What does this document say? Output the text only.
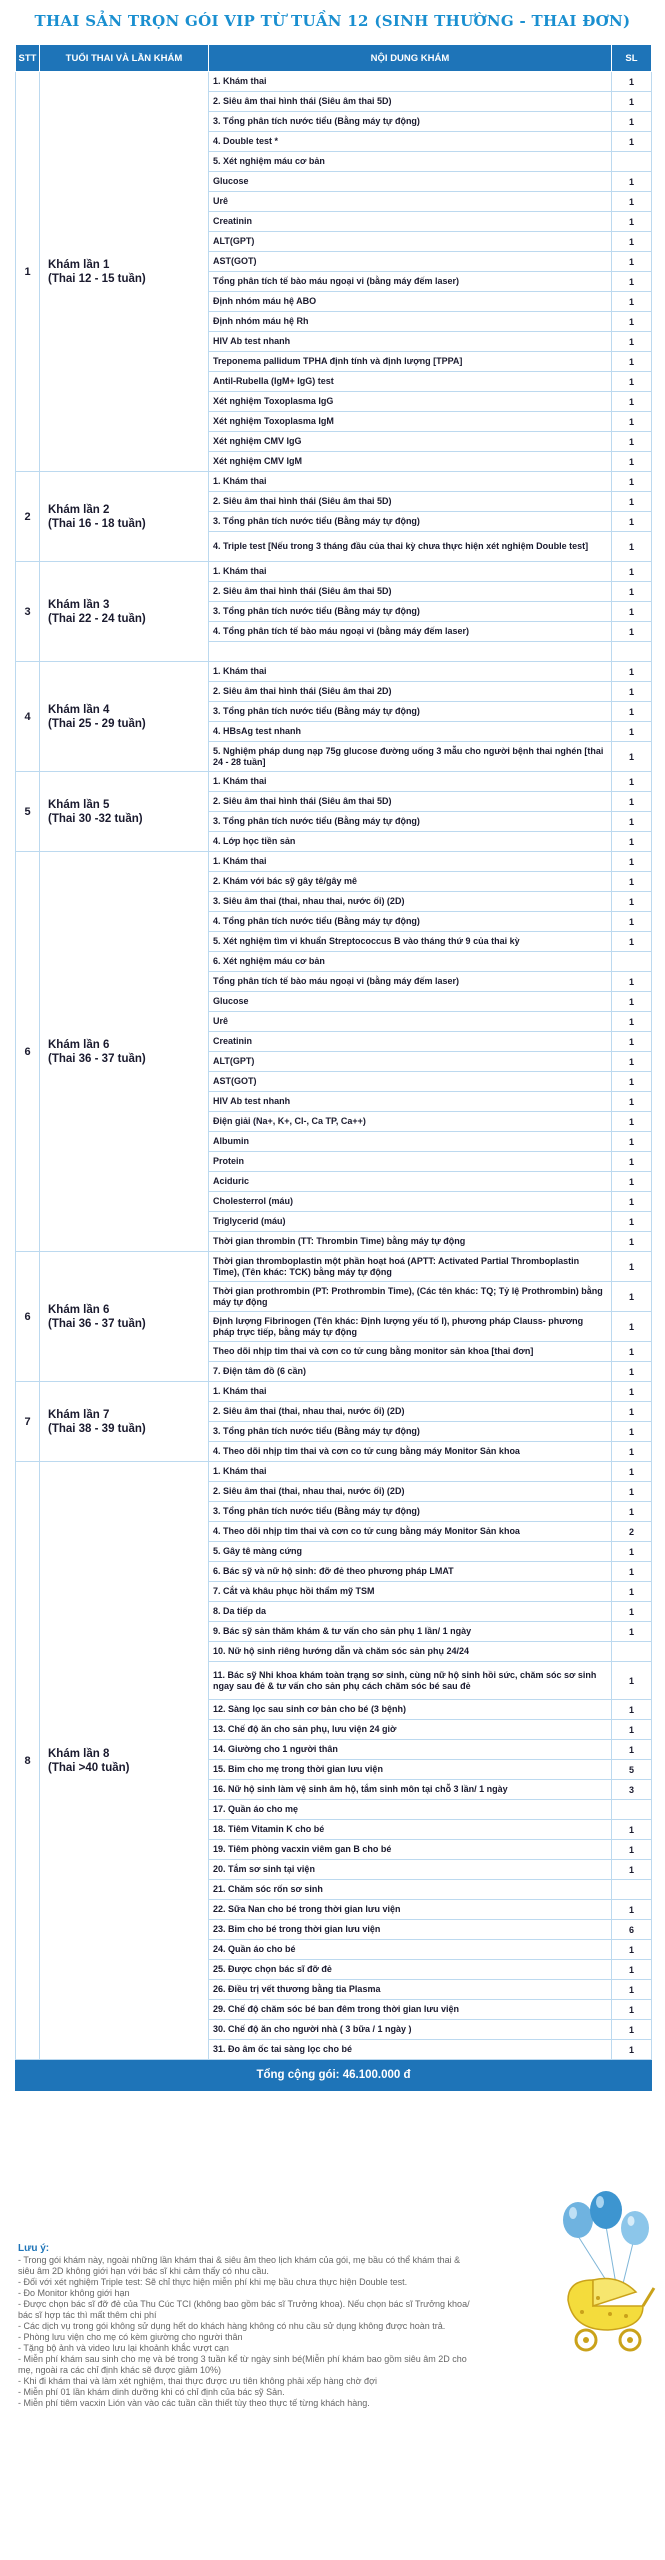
THAI SẢN TRỌN GÓI VIP TỪ TUẦN 12 (SINH THƯỜNG - THAI ĐƠN)
STT	TUỔI THAI VÀ LẦN KHÁM	NỘI DUNG KHÁM	SL
1	Khám lần 1
(Thai 12 - 15 tuần)	1. Khám thai	1
		2. Siêu âm thai hình thái (Siêu âm thai 5D)	1
		3. Tổng phân tích nước tiểu (Bằng máy tự động)	1
		4. Double test *	1
		5. Xét nghiệm máu cơ bản	
		Glucose	1
		Urê	1
		Creatinin	1
		ALT(GPT)	1
		AST(GOT)	1
		Tổng phân tích tế bào máu ngoại vi (bằng máy đếm laser)	1
		Định nhóm máu hệ ABO	1
		Định nhóm máu hệ Rh	1
		HIV Ab test nhanh	1
		Treponema pallidum TPHA định tính và định lượng [TPPA]	1
		Antil-Rubella (IgM+ IgG) test	1
		Xét nghiệm Toxoplasma IgG	1
		Xét nghiệm Toxoplasma IgM	1
		Xét nghiệm CMV IgG	1
		Xét nghiệm CMV IgM	1
2	Khám lần 2
(Thai 16 - 18 tuần)	1. Khám thai	1
		2. Siêu âm thai hình thái (Siêu âm thai 5D)	1
		3. Tổng phân tích nước tiểu (Bằng máy tự động)	1
		4. Triple test [Nếu trong 3 tháng đầu của thai kỳ chưa thực hiện xét nghiệm Double test]	1
3	Khám lần 3
(Thai 22 - 24 tuần)	1. Khám thai	1
		2. Siêu âm thai hình thái (Siêu âm thai 5D)	1
		3. Tổng phân tích nước tiểu (Bằng máy tự động)	1
		4. Tổng phân tích tế bào máu ngoại vi (bằng máy đếm laser)	1

4	Khám lần 4
(Thai 25 - 29 tuần)	1. Khám thai	1
		2. Siêu âm thai hình thái (Siêu âm thai 2D)	1
		3. Tổng phân tích nước tiểu (Bằng máy tự động)	1
		4. HBsAg test nhanh	1
		5. Nghiệm pháp dung nạp 75g glucose đường uống 3 mẫu cho người bệnh thai nghén [thai 24 - 28 tuần]	1
5	Khám lần 5
(Thai 30 -32 tuần)	1. Khám thai	1
		2. Siêu âm thai hình thái (Siêu âm thai 5D)	1
		3. Tổng phân tích nước tiểu (Bằng máy tự động)	1
		4. Lớp học tiền sản	1
6	Khám lần 6
(Thai 36 - 37 tuần)	1. Khám thai	1
		2. Khám với bác sỹ gây tê/gây mê	1
		3. Siêu âm thai (thai, nhau thai, nước ối) (2D)	1
		4. Tổng phân tích nước tiểu (Bằng máy tự động)	1
		5. Xét nghiệm tìm vi khuẩn Streptococcus B vào tháng thứ 9 của thai kỳ	1
		6. Xét nghiệm máu cơ bản	
		Tổng phân tích tế bào máu ngoại vi (bằng máy đếm laser)	1
		Glucose	1
		Urê	1
		Creatinin	1
		ALT(GPT)	1
		AST(GOT)	1
		HIV Ab test nhanh	1
		Điện giải (Na+, K+, Cl-, Ca TP, Ca++)	1
		Albumin	1
		Protein	1
		Aciduric	1
		Cholesterrol (máu)	1
		Triglycerid (máu)	1
		Thời gian thrombin (TT: Thrombin Time) bằng máy tự động	1
6	Khám lần 6
(Thai 36 - 37 tuần)	Thời gian thromboplastin một phần hoạt hoá (APTT: Activated Partial Thromboplastin Time), (Tên khác: TCK) bằng máy tự động	1
		Thời gian prothrombin (PT: Prothrombin Time), (Các tên khác: TQ; Tỷ lệ Prothrombin) bằng máy tự động	1
		Định lượng Fibrinogen (Tên khác: Định lượng yếu tố I), phương pháp Clauss- phương pháp trực tiếp, bằng máy tự động	1
		Theo dõi nhịp tim thai và cơn co tử cung bằng monitor sản khoa [thai đơn]	1
		7. Điện tâm đồ (6 cần)	1
7	Khám lần 7
(Thai 38 - 39 tuần)	1. Khám thai	1
		2. Siêu âm thai (thai, nhau thai, nước ối) (2D)	1
		3. Tổng phân tích nước tiểu (Bằng máy tự động)	1
		4. Theo dõi nhịp tim thai và cơn co tử cung bằng máy Monitor Sản khoa	1
8	Khám lần 8
(Thai >40 tuần)	1. Khám thai	1
		2. Siêu âm thai (thai, nhau thai, nước ối) (2D)	1
		3. Tổng phân tích nước tiểu (Bằng máy tự động)	1
		4. Theo dõi nhịp tim thai và cơn co tử cung bằng máy Monitor Sản khoa	2
		5. Gây tê màng cứng	1
		6. Bác sỹ và nữ hộ sinh: đỡ đẻ theo phương pháp LMAT	1
		7. Cắt và khâu phục hồi thẩm mỹ TSM	1
		8. Da tiếp da	1
		9. Bác sỹ sản thăm khám & tư vấn cho sản phụ 1 lần/ 1 ngày	1
		10. Nữ hộ sinh riêng hướng dẫn và chăm sóc sản phụ 24/24	
		11. Bác sỹ Nhi khoa khám toàn trạng sơ sinh, cùng nữ hộ sinh hồi sức, chăm sóc sơ sinh ngay sau đẻ & tư vấn cho sản phụ cách chăm sóc bé sau đẻ	1
		12. Sàng lọc sau sinh cơ bản cho bé (3 bệnh)	1
		13. Chế độ ăn cho sản phụ, lưu viện 24 giờ	1
		14. Giường cho 1 người thân	1
		15. Bỉm cho mẹ trong thời gian lưu viện	5
		16. Nữ hộ sinh làm vệ sinh âm hộ, tắm sinh môn tại chỗ 3 lần/ 1 ngày	3
		17. Quần áo cho mẹ	
		18. Tiêm Vitamin K cho bé	1
		19. Tiêm phòng vacxin viêm gan B cho bé	1
		20. Tắm sơ sinh tại viện	1
		21. Chăm sóc rốn sơ sinh	
		22. Sữa Nan cho bé trong thời gian lưu viện	1
		23. Bỉm cho bé trong thời gian lưu viện	6
		24. Quần áo cho bé	1
		25. Được chọn bác sĩ đỡ đẻ	1
		26. Điều trị vết thương bằng tia Plasma	1
		29. Chế độ chăm sóc bé ban đêm trong thời gian lưu viện	1
		30. Chế độ ăn cho người nhà ( 3 bữa / 1 ngày )	1
		31. Đo âm ốc tai sàng lọc cho bé	1
Tổng cộng gói: 46.100.000 đ			
Lưu ý:
- Trong gói khám này, ngoài những lần khám thai & siêu âm theo lịch khám của gói, mẹ bầu có thể khám thai &
siêu âm 2D không giới hạn với bác sĩ khi cảm thấy có nhu cầu.
- Đối với xét nghiệm Triple test: Sẽ chỉ thực hiện miễn phí khi mẹ bầu chưa thực hiện Double test.
- Đo Monitor không giới hạn
- Được chọn bác sĩ đỡ đẻ của Thu Cúc TCI (không bao gồm bác sĩ Trưởng khoa). Nếu chọn bác sĩ Trưởng khoa/
bác sĩ hợp tác thì mất thêm chi phí
- Các dịch vụ trong gói không sử dụng hết do khách hàng không có nhu cầu sử dụng không được hoàn trả.
- Phòng lưu viện cho mẹ có kèm giường cho người thân
- Tặng bộ ảnh và video lưu lại khoảnh khắc vượt cạn
- Miễn phí khám sau sinh cho mẹ và bé trong 3 tuần kể từ ngày sinh bé(Miễn phí khám bao gồm siêu âm 2D cho
mẹ, ngoài ra các chỉ định khác sẽ được giảm 10%)
- Khi đi khám thai và làm xét nghiệm, thai thực được ưu tiên không phải xếp hàng chờ đợi
- Miễn phí 01 lần khám dinh dưỡng khi có chỉ định của bác sỹ Sản.
- Miễn phí tiêm vacxin Lión vàn vào các tuần cần thiết tùy theo thực tế từng khách hàng.
